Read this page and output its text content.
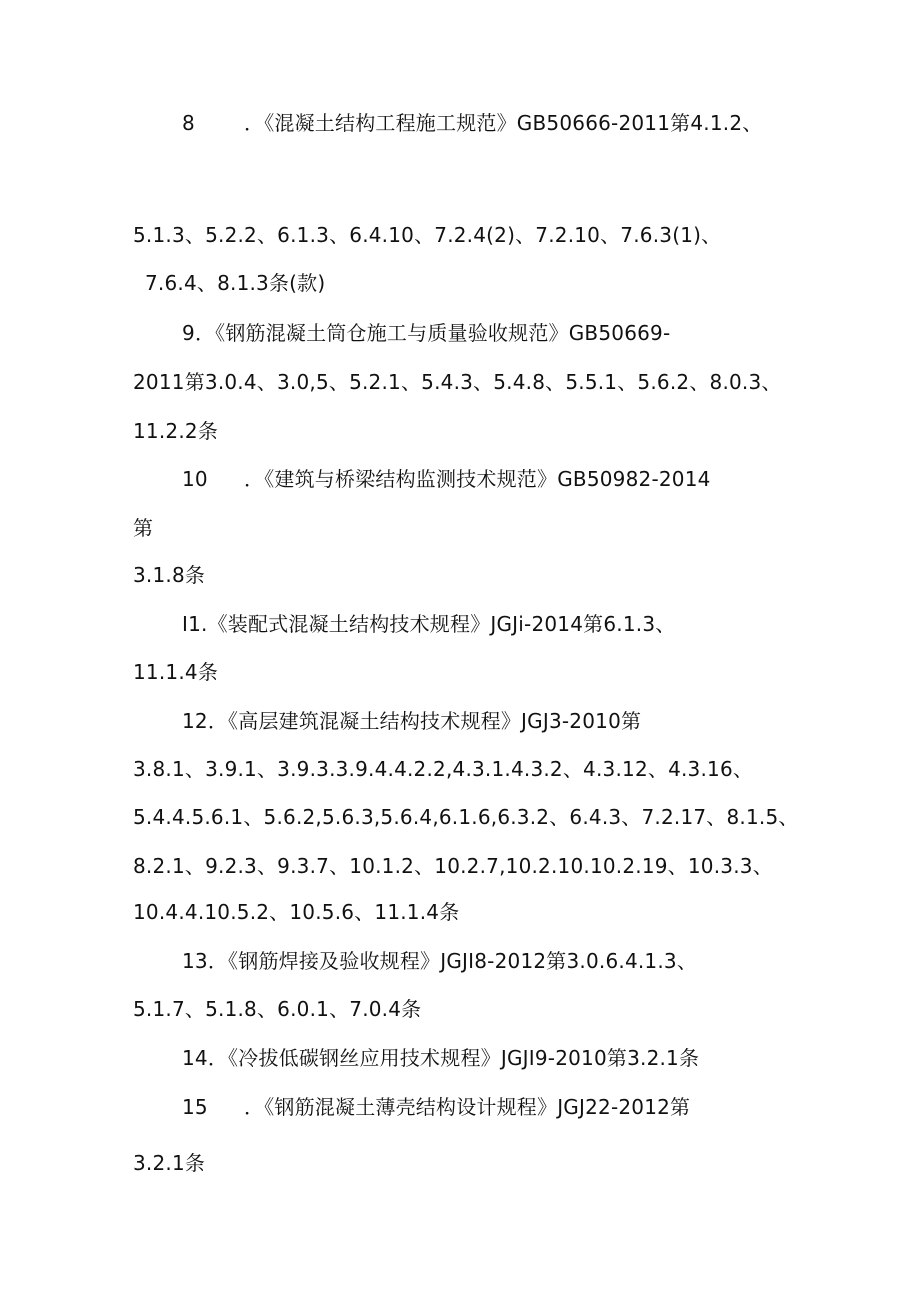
8 ．《混凝土结构工程施工规范》GB50666-2011第4.1.2、
5.1.3、5.2.2、6.1.3、6.4.10、7.2.4(2)、7.2.10、7.6.3(1)、
7.6.4、8.1.3条(款)
9．《钢筋混凝土筒仓施工与质量验收规范》GB50669-
2011第3.0.4、3.0,5、5.2.1、5.4.3、5.4.8、5.5.1、5.6.2、8.0.3、
11.2.2条
10 ．《建筑与桥梁结构监测技术规范》GB50982-2014
第
3.1.8条
I1.《装配式混凝土结构技术规程》JGJi-2014第6.1.3、
11.1.4条
12．《高层建筑混凝土结构技术规程》JGJ3-2010第
3.8.1、3.9.1、3.9.3.3.9.4.4.2.2,4.3.1.4.3.2、4.3.12、4.3.16、
5.4.4.5.6.1、5.6.2,5.6.3,5.6.4,6.1.6,6.3.2、6.4.3、7.2.17、8.1.5、
8.2.1、9.2.3、9.3.7、10.1.2、10.2.7,10.2.10.10.2.19、10.3.3、
10.4.4.10.5.2、10.5.6、11.1.4条
13．《钢筋焊接及验收规程》JGJI8-2012第3.0.6.4.1.3、
5.1.7、5.1.8、6.0.1、7.0.4条
14．《冷拔低碳钢丝应用技术规程》JGJI9-2010第3.2.1条
15 ．《钢筋混凝土薄壳结构设计规程》JGJ22-2012第
3.2.1条
